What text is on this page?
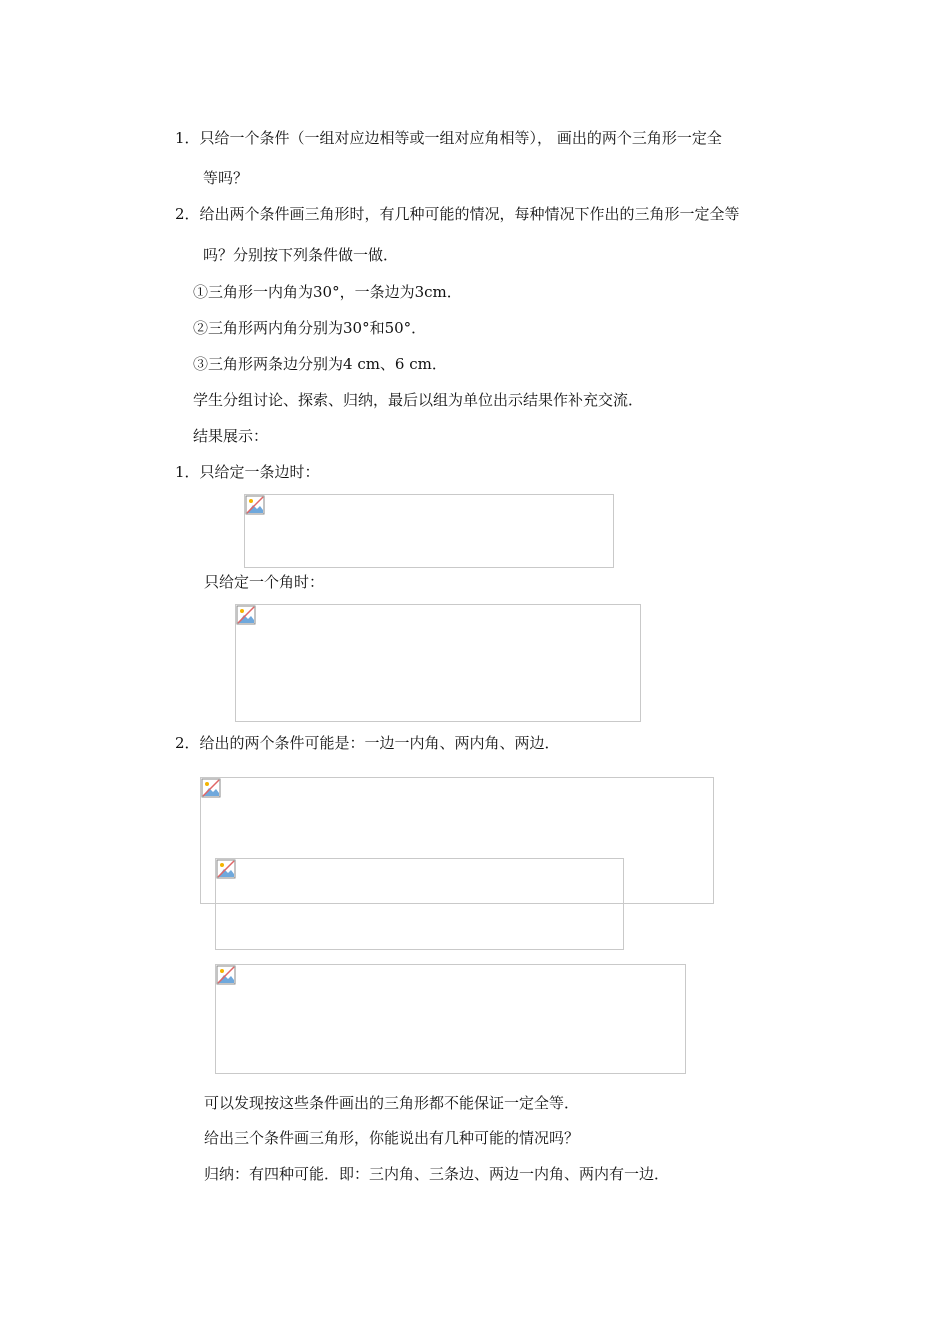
1．只给一个条件（一组对应边相等或一组对应角相等）， 画出的两个三角形一定全
等吗？
2．给出两个条件画三角形时，有几种可能的情况，每种情况下作出的三角形一定全等
吗？分别按下列条件做一做．
①三角形一内角为30°，一条边为3cm．
②三角形两内角分别为30°和50°．
③三角形两条边分别为4 cm、6 cm．
学生分组讨论、探索、归纳，最后以组为单位出示结果作补充交流．
结果展示：
1．只给定一条边时：
只给定一个角时：
2．给出的两个条件可能是：一边一内角、两内角、两边．
可以发现按这些条件画出的三角形都不能保证一定全等．
给出三个条件画三角形，你能说出有几种可能的情况吗？
归纳：有四种可能．即：三内角、三条边、两边一内角、两内有一边．
